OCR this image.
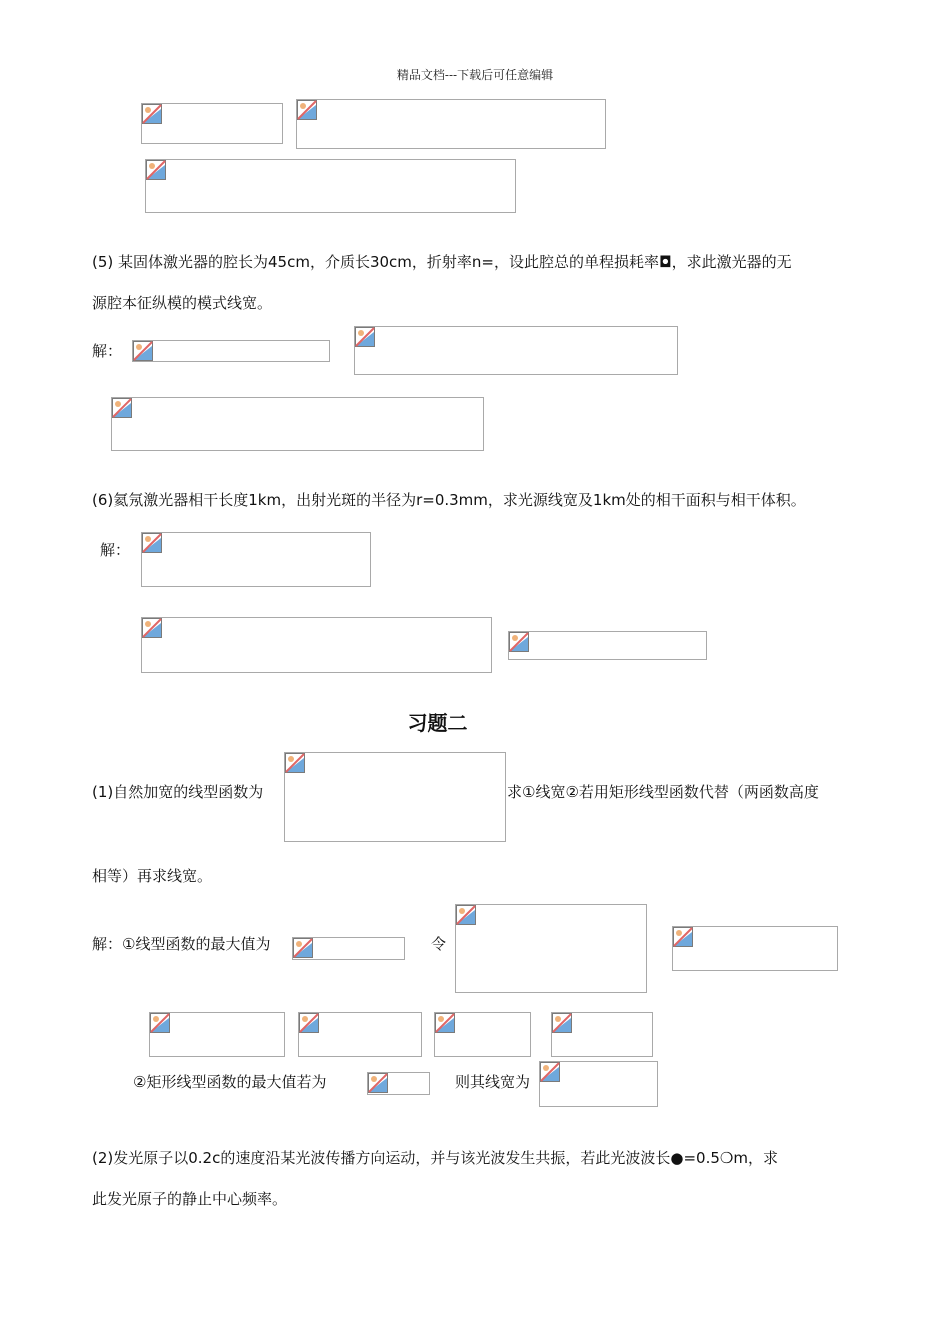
精品文档---下载后可任意编辑
(5) 某固体激光器的腔长为45cm，介质长30cm，折射率n=，设此腔总的单程损耗率◘，求此激光器的无
源腔本征纵模的模式线宽。
解：
(6)氦氖激光器相干长度1km，出射光斑的半径为r=0.3mm，求光源线宽及1km处的相干面积与相干体积。
解：
习题二
(1)自然加宽的线型函数为	求①线宽②若用矩形线型函数代替（两函数高度
相等）再求线宽。
解：①线型函数的最大值为	令
②矩形线型函数的最大值若为	则其线宽为
(2)发光原子以0.2c的速度沿某光波传播方向运动，并与该光波发生共振，若此光波波长●=0.5❍m，求
此发光原子的静止中心频率。
